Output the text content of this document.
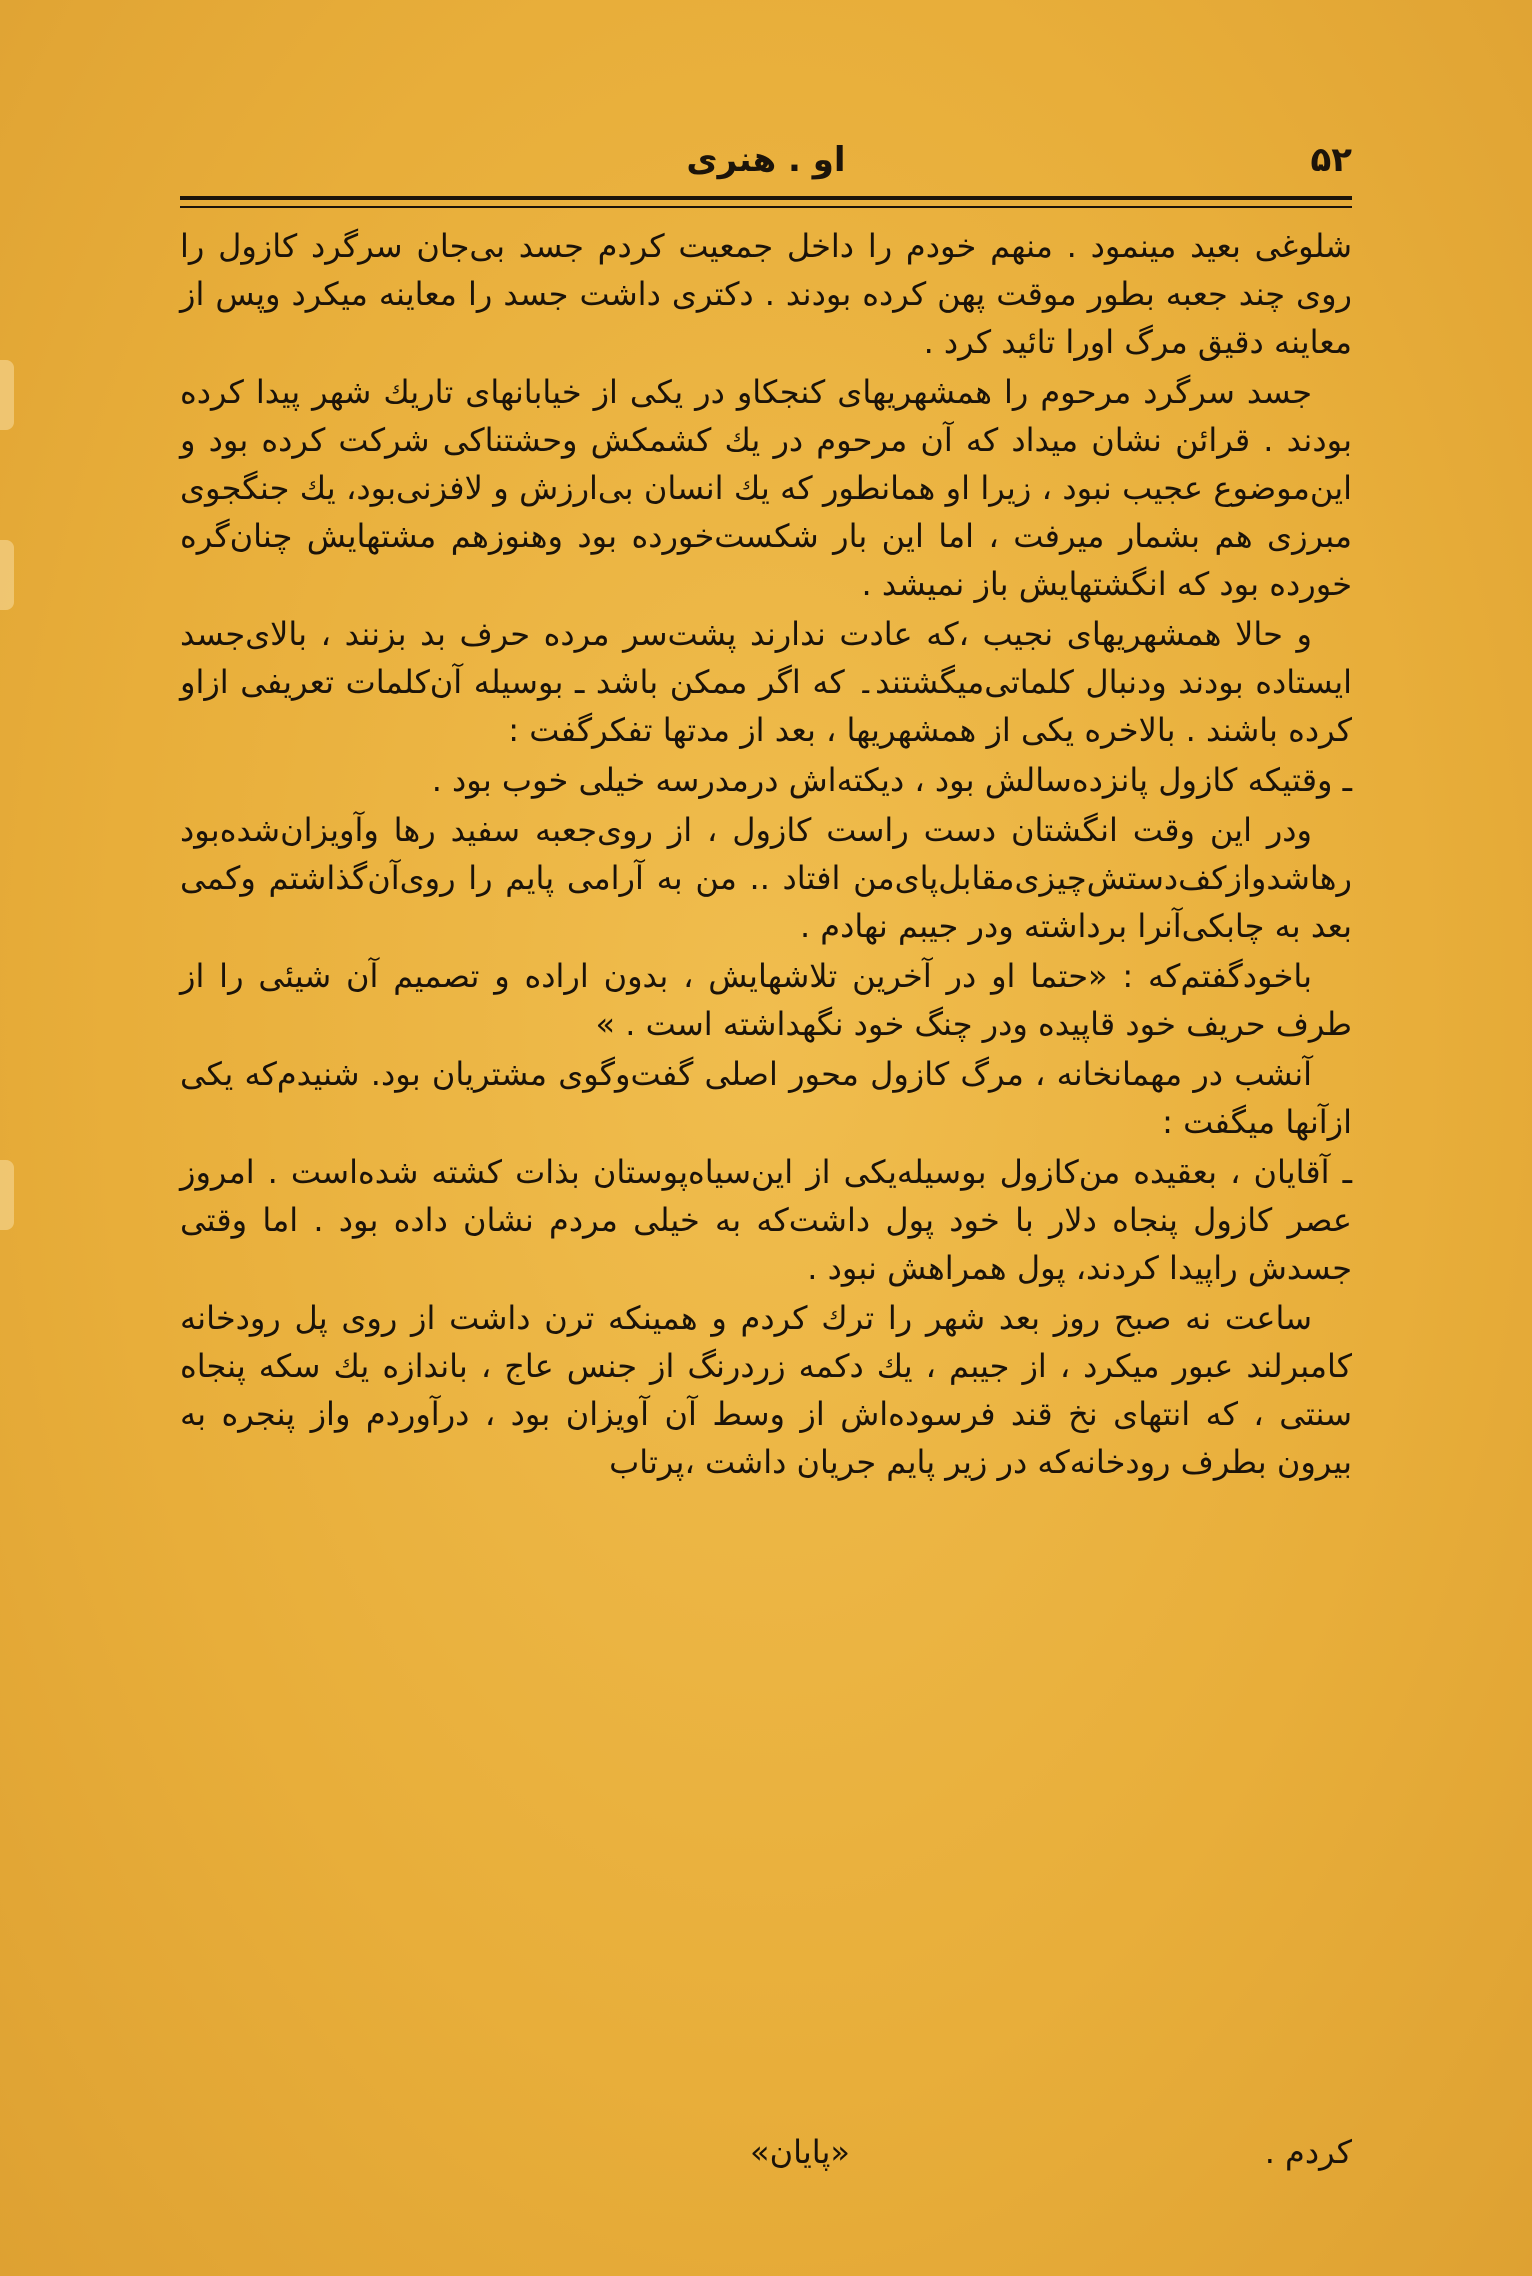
۵۲
او . هنری

شلوغی بعید مینمود . منهم خودم را داخل جمعیت کردم جسد بی‌جان سرگرد کازول را روی چند جعبه بطور موقت پهن کرده بودند . دکتری داشت جسد را معاینه میکرد وپس از معاینه دقیق مرگ اورا تائید کرد .

جسد سرگرد مرحوم را همشهریهای کنجکاو در یکی از خیابانهای تاریك شهر پیدا کرده بودند . قرائن نشان میداد که آن مرحوم در یك کشمکش وحشتناکی شرکت کرده بود و این‌موضوع عجیب نبود ، زیرا او همانطور که یك انسان بی‌ارزش و لافزنی‌بود، یك جنگجوی مبرزی هم بشمار میرفت ، اما این بار شکست‌خورده بود وهنوزهم مشتهایش چنان‌گره خورده بود که انگشتهایش باز نمیشد .

و حالا همشهریهای نجیب ،که عادت ندارند پشت‌سر مرده حرف بد بزنند ، بالای‌جسد ایستاده بودند ودنبال کلماتی‌میگشتند۔ که اگر ممکن باشد ـ بوسیله آن‌کلمات تعریفی ازاو کرده باشند . بالاخره یکی از همشهریها ، بعد از مدتها تفکرگفت :

ـ وقتیکه کازول پانزده‌سالش بود ، دیکته‌اش درمدرسه خیلی خوب بود .

ودر این وقت انگشتان دست راست کازول ، از روی‌جعبه سفید رها وآویزان‌شده‌بود رهاشدوازکف‌دستش‌چیزی‌مقابل‌پای‌من افتاد .. من به آرامی پایم را روی‌آن‌گذاشتم وکمی بعد به چابکی‌آنرا برداشته ودر جیبم نهادم .

باخودگفتم‌که : «حتما او در آخرین تلاشهایش ، بدون اراده و تصمیم آن شیئی را از طرف حریف خود قاپیده ودر چنگ خود نگهداشته است . »

آنشب در مهمانخانه ، مرگ کازول محور اصلی گفت‌وگوی مشتریان بود. شنیدم‌که یکی ازآنها میگفت :

ـ آقایان ، بعقیده من‌کازول بوسیله‌یکی از این‌سیاه‌پوستان بذات کشته شده‌است . امروز عصر کازول پنجاه دلار با خود پول داشت‌که به خیلی مردم نشان داده بود . اما وقتی جسدش راپیدا کردند، پول همراهش نبود .

ساعت نه صبح روز بعد شهر را ترك کردم و همینکه ترن داشت از روی پل رودخانه کامبرلند عبور میکرد ، از جیبم ، یك دکمه زردرنگ از جنس عاج ، باندازه یك سکه پنجاه سنتی ، که انتهای نخ قند فرسوده‌اش از وسط آن آویزان بود ، درآوردم واز پنجره به بیرون بطرف رودخانه‌که در زیر پایم جریان داشت ،پرتاب

کردم .
«پایان»
